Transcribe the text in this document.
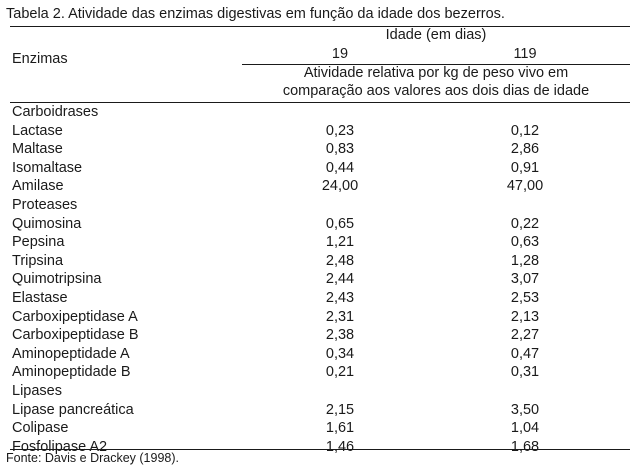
Tabela 2. Atividade das enzimas digestivas em função da idade dos bezerros.
Enzimas
Idade (em dias)
19	119
Atividade relativa por kg de peso vivo em
comparação aos valores aos dois dias de idade
Carboidrases
Lactase	0,23	0,12
Maltase	0,83	2,86
Isomaltase	0,44	0,91
Amilase	24,00	47,00
Proteases
Quimosina	0,65	0,22
Pepsina	1,21	0,63
Tripsina	2,48	1,28
Quimotripsina	2,44	3,07
Elastase	2,43	2,53
Carboxipeptidase A	2,31	2,13
Carboxipeptidase B	2,38	2,27
Aminopeptidade A	0,34	0,47
Aminopeptidade B	0,21	0,31
Lipases
Lipase pancreática	2,15	3,50
Colipase	1,61	1,04
Fosfolipase A2	1,46	1,68
Fonte: Davis e Drackey (1998).
